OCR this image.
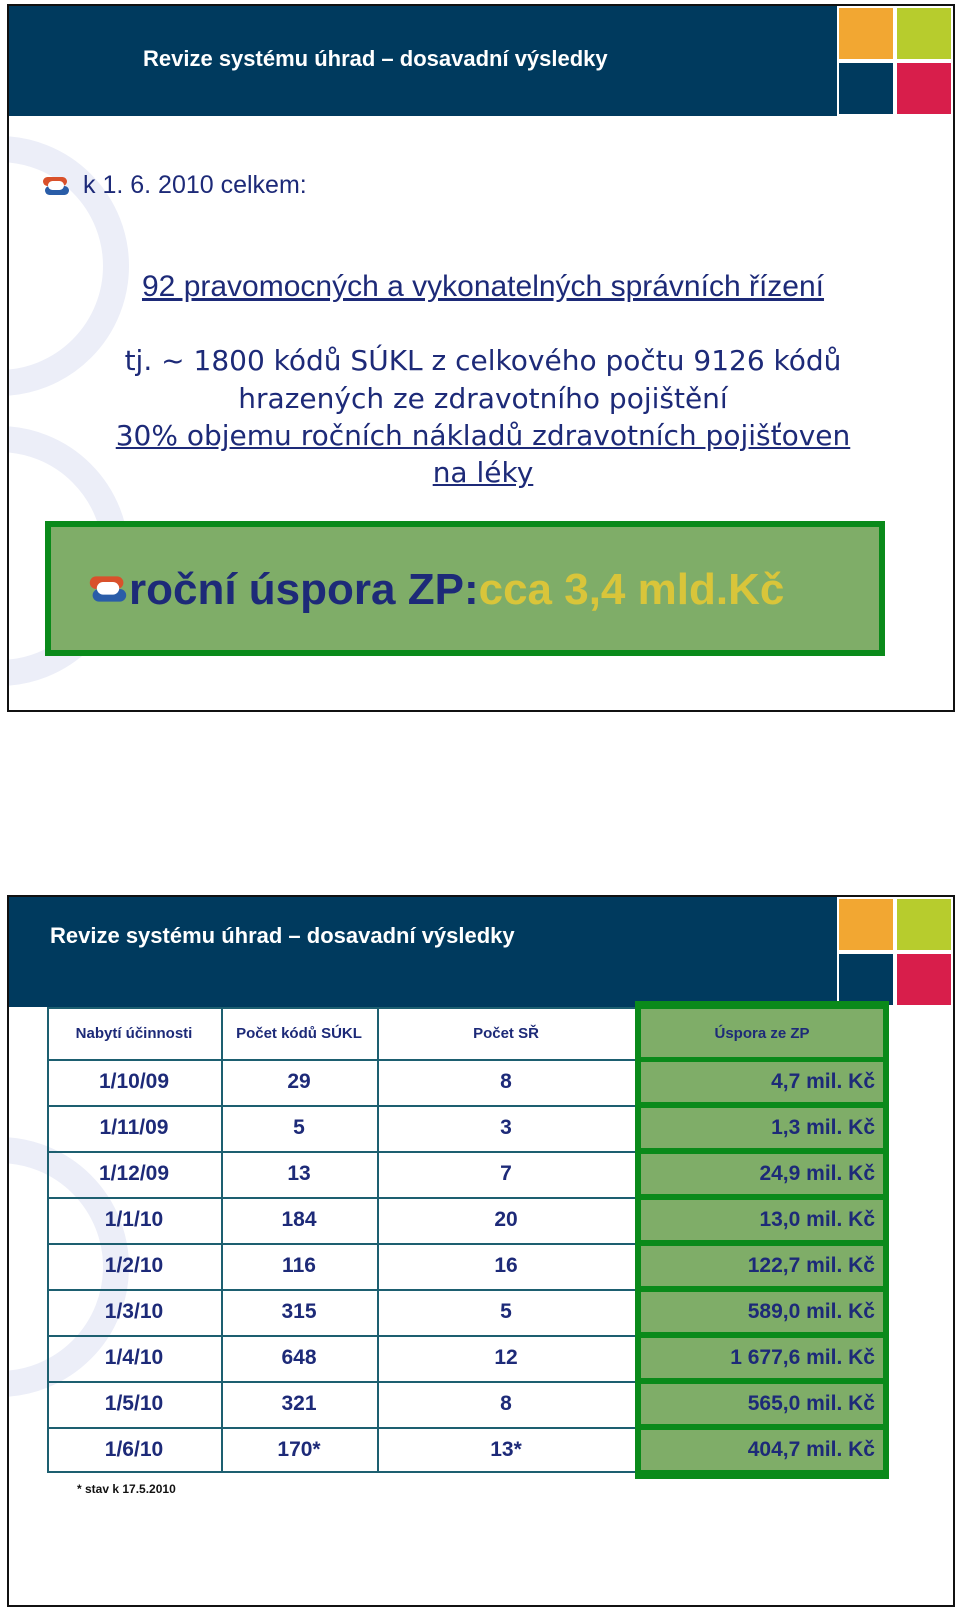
Revize systému úhrad – dosavadní výsledky
k 1. 6. 2010 celkem:
92 pravomocných a vykonatelných správních řízení
tj. ~ 1800 kódů SÚKL z celkového počtu 9126 kódů
hrazených ze zdravotního pojištění
30% objemu ročních nákladů zdravotních pojišťoven
na léky
roční úspora ZP:cca 3,4 mld.Kč
Revize systému úhrad – dosavadní výsledky
Nabytí účinnosti	Počet kódů SÚKL	Počet SŘ	Úspora ze ZP
1/10/09	29	8	4,7 mil. Kč
1/11/09	5	3	1,3 mil. Kč
1/12/09	13	7	24,9 mil. Kč
1/1/10	184	20	13,0 mil. Kč
1/2/10	116	16	122,7 mil. Kč
1/3/10	315	5	589,0 mil. Kč
1/4/10	648	12	1 677,6 mil. Kč
1/5/10	321	8	565,0 mil. Kč
1/6/10	170*	13*	404,7 mil. Kč
* stav k 17.5.2010
